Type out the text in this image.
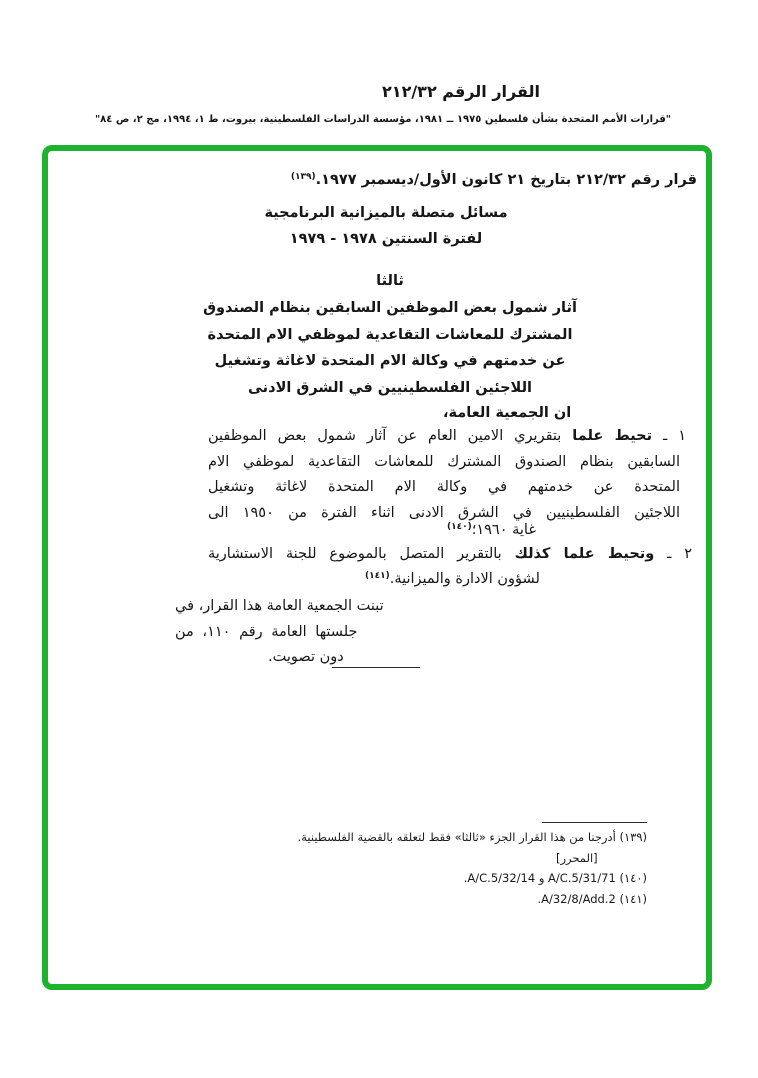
القرار الرقم ٢١٢/٣٢
"قرارات الأمم المتحدة بشأن فلسطين ١٩٧٥ ــ ١٩٨١، مؤسسة الدراسات الفلسطينية، بيروت، ط ١، ١٩٩٤، مج ٢، ص ٨٤"
قرار رقم ٢١٢/٣٢ بتاريخ ٢١ كانون الأول/ديسمبر ١٩٧٧.$^{(١٣٩)}$
مسائل متصلة بالميزانية البرنامجية
لفترة السنتين ١٩٧٨ - ١٩٧٩
ثالثا
آثار شمول بعض الموظفين السابقين بنظام الصندوق
المشترك للمعاشات التقاعدية لموظفي الام المتحدة
عن خدمتهم في وكالة الام المتحدة لاغاثة وتشغيل
اللاجئين الفلسطينيين في الشرق الادنى
ان الجمعية العامة،
١ ـ تحيط علما بتقريري الامين العام عن آثار شمول بعض الموظفين
السابقين بنظام الصندوق المشترك للمعاشات التقاعدية لموظفي الام
المتحدة عن خدمتهم في وكالة الام المتحدة لاغاثة وتشغيل
اللاجئين الفلسطينيين في الشرق الادنى اثناء الفترة من ١٩٥٠ الى
غاية ١٩٦٠؛$^{(١٤٠)}$
٢ ـ وتحيط علما كذلك بالتقرير المتصل بالموضوع للجنة الاستشارية
لشؤون الادارة والميزانية.$^{(١٤١)}$
تبنت الجمعية العامة هذا القرار، في
جلستها العامة رقم ١١٠، من
دون تصويت.
(١٣٩) أدرجنا من هذا القرار الجزء «ثالثا» فقط لتعلقه بالقضية الفلسطينية.
[المحرر]
(١٤٠) A/C.5/31/71 و A/C.5/32/14.
(١٤١) A/32/8/Add.2.
